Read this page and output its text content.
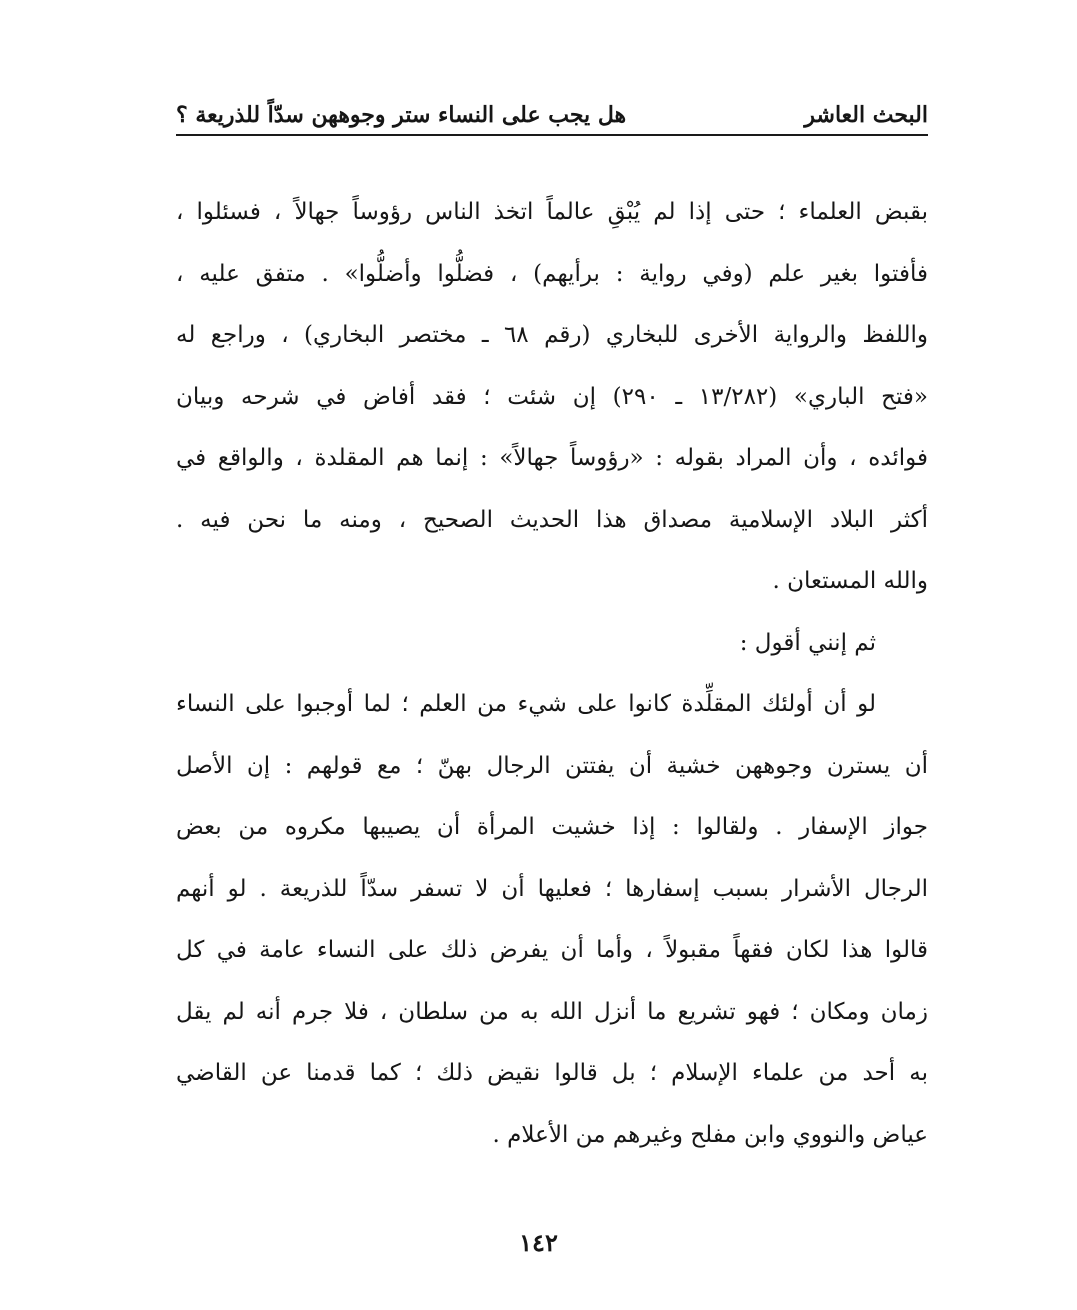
البحث العاشر
هل يجب على النساء ستر وجوههن سدّاً للذريعة ؟
بقبض العلماء ؛ حتى إذا لم يُبْقِ عالماً اتخذ الناس رؤوساً جهالاً ، فسئلوا ،
فأفتوا بغير علم (وفي رواية : برأيهم) ، فضلُّوا وأضلُّوا» . متفق عليه ،
واللفظ والرواية الأخرى للبخاري (رقم ٦٨ ـ مختصر البخاري) ، وراجع له
«فتح الباري» (١٣/٢٨٢ ـ ٢٩٠) إن شئت ؛ فقد أفاض في شرحه وبيان
فوائده ، وأن المراد بقوله : «رؤوساً جهالاً» : إنما هم المقلدة ، والواقع في
أكثر البلاد الإسلامية مصداق هذا الحديث الصحيح ، ومنه ما نحن فيه .
والله المستعان .
ثم إنني أقول :
لو أن أولئك المقلِّدة كانوا على شيء من العلم ؛ لما أوجبوا على النساء
أن يسترن وجوههن خشية أن يفتتن الرجال بهنّ ؛ مع قولهم : إن الأصل
جواز الإسفار . ولقالوا : إذا خشيت المرأة أن يصيبها مكروه من بعض
الرجال الأشرار بسبب إسفارها ؛ فعليها أن لا تسفر سدّاً للذريعة . لو أنهم
قالوا هذا لكان فقهاً مقبولاً ، وأما أن يفرض ذلك على النساء عامة في كل
زمان ومكان ؛ فهو تشريع ما أنزل الله به من سلطان ، فلا جرم أنه لم يقل
به أحد من علماء الإسلام ؛ بل قالوا نقيض ذلك ؛ كما قدمنا عن القاضي
عياض والنووي وابن مفلح وغيرهم من الأعلام .
١٤٢
